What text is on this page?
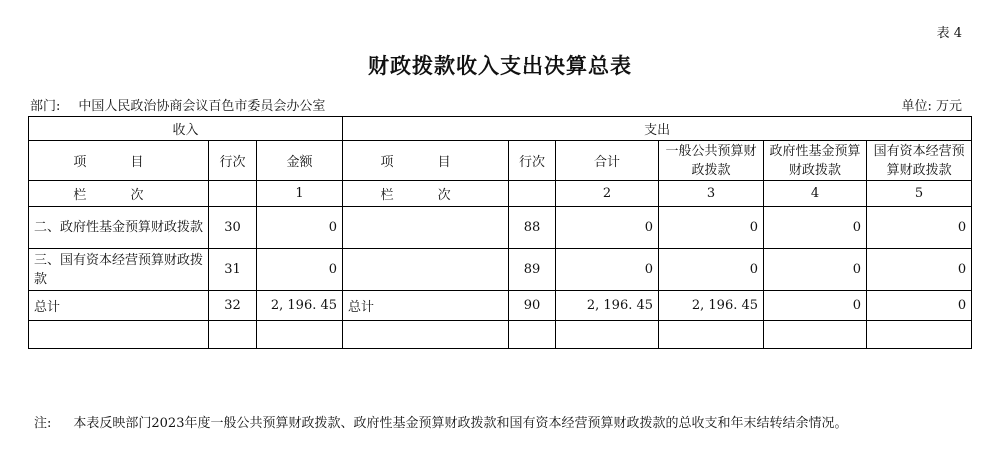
表 4
财政拨款收入支出决算总表
部门: 中国人民政治协商会议百色市委员会办公室	单位: 万元
收入			支出					
项 目	行次	金额	项 目	行次	合计	一般公共预算财政拨款	政府性基金预算财政拨款	国有资本经营预算财政拨款
栏 次		1	栏 次		2	3	4	5
二、政府性基金预算财政拨款	30	0		88	0	0	0	0
三、国有资本经营预算财政拨款	31	0		89	0	0	0	0
总计	32	2, 196. 45	总计	90	2, 196. 45	2, 196. 45	0	0

注: 本表反映部门2023年度一般公共预算财政拨款、政府性基金预算财政拨款和国有资本经营预算财政拨款的总收支和年末结转结余情况。
